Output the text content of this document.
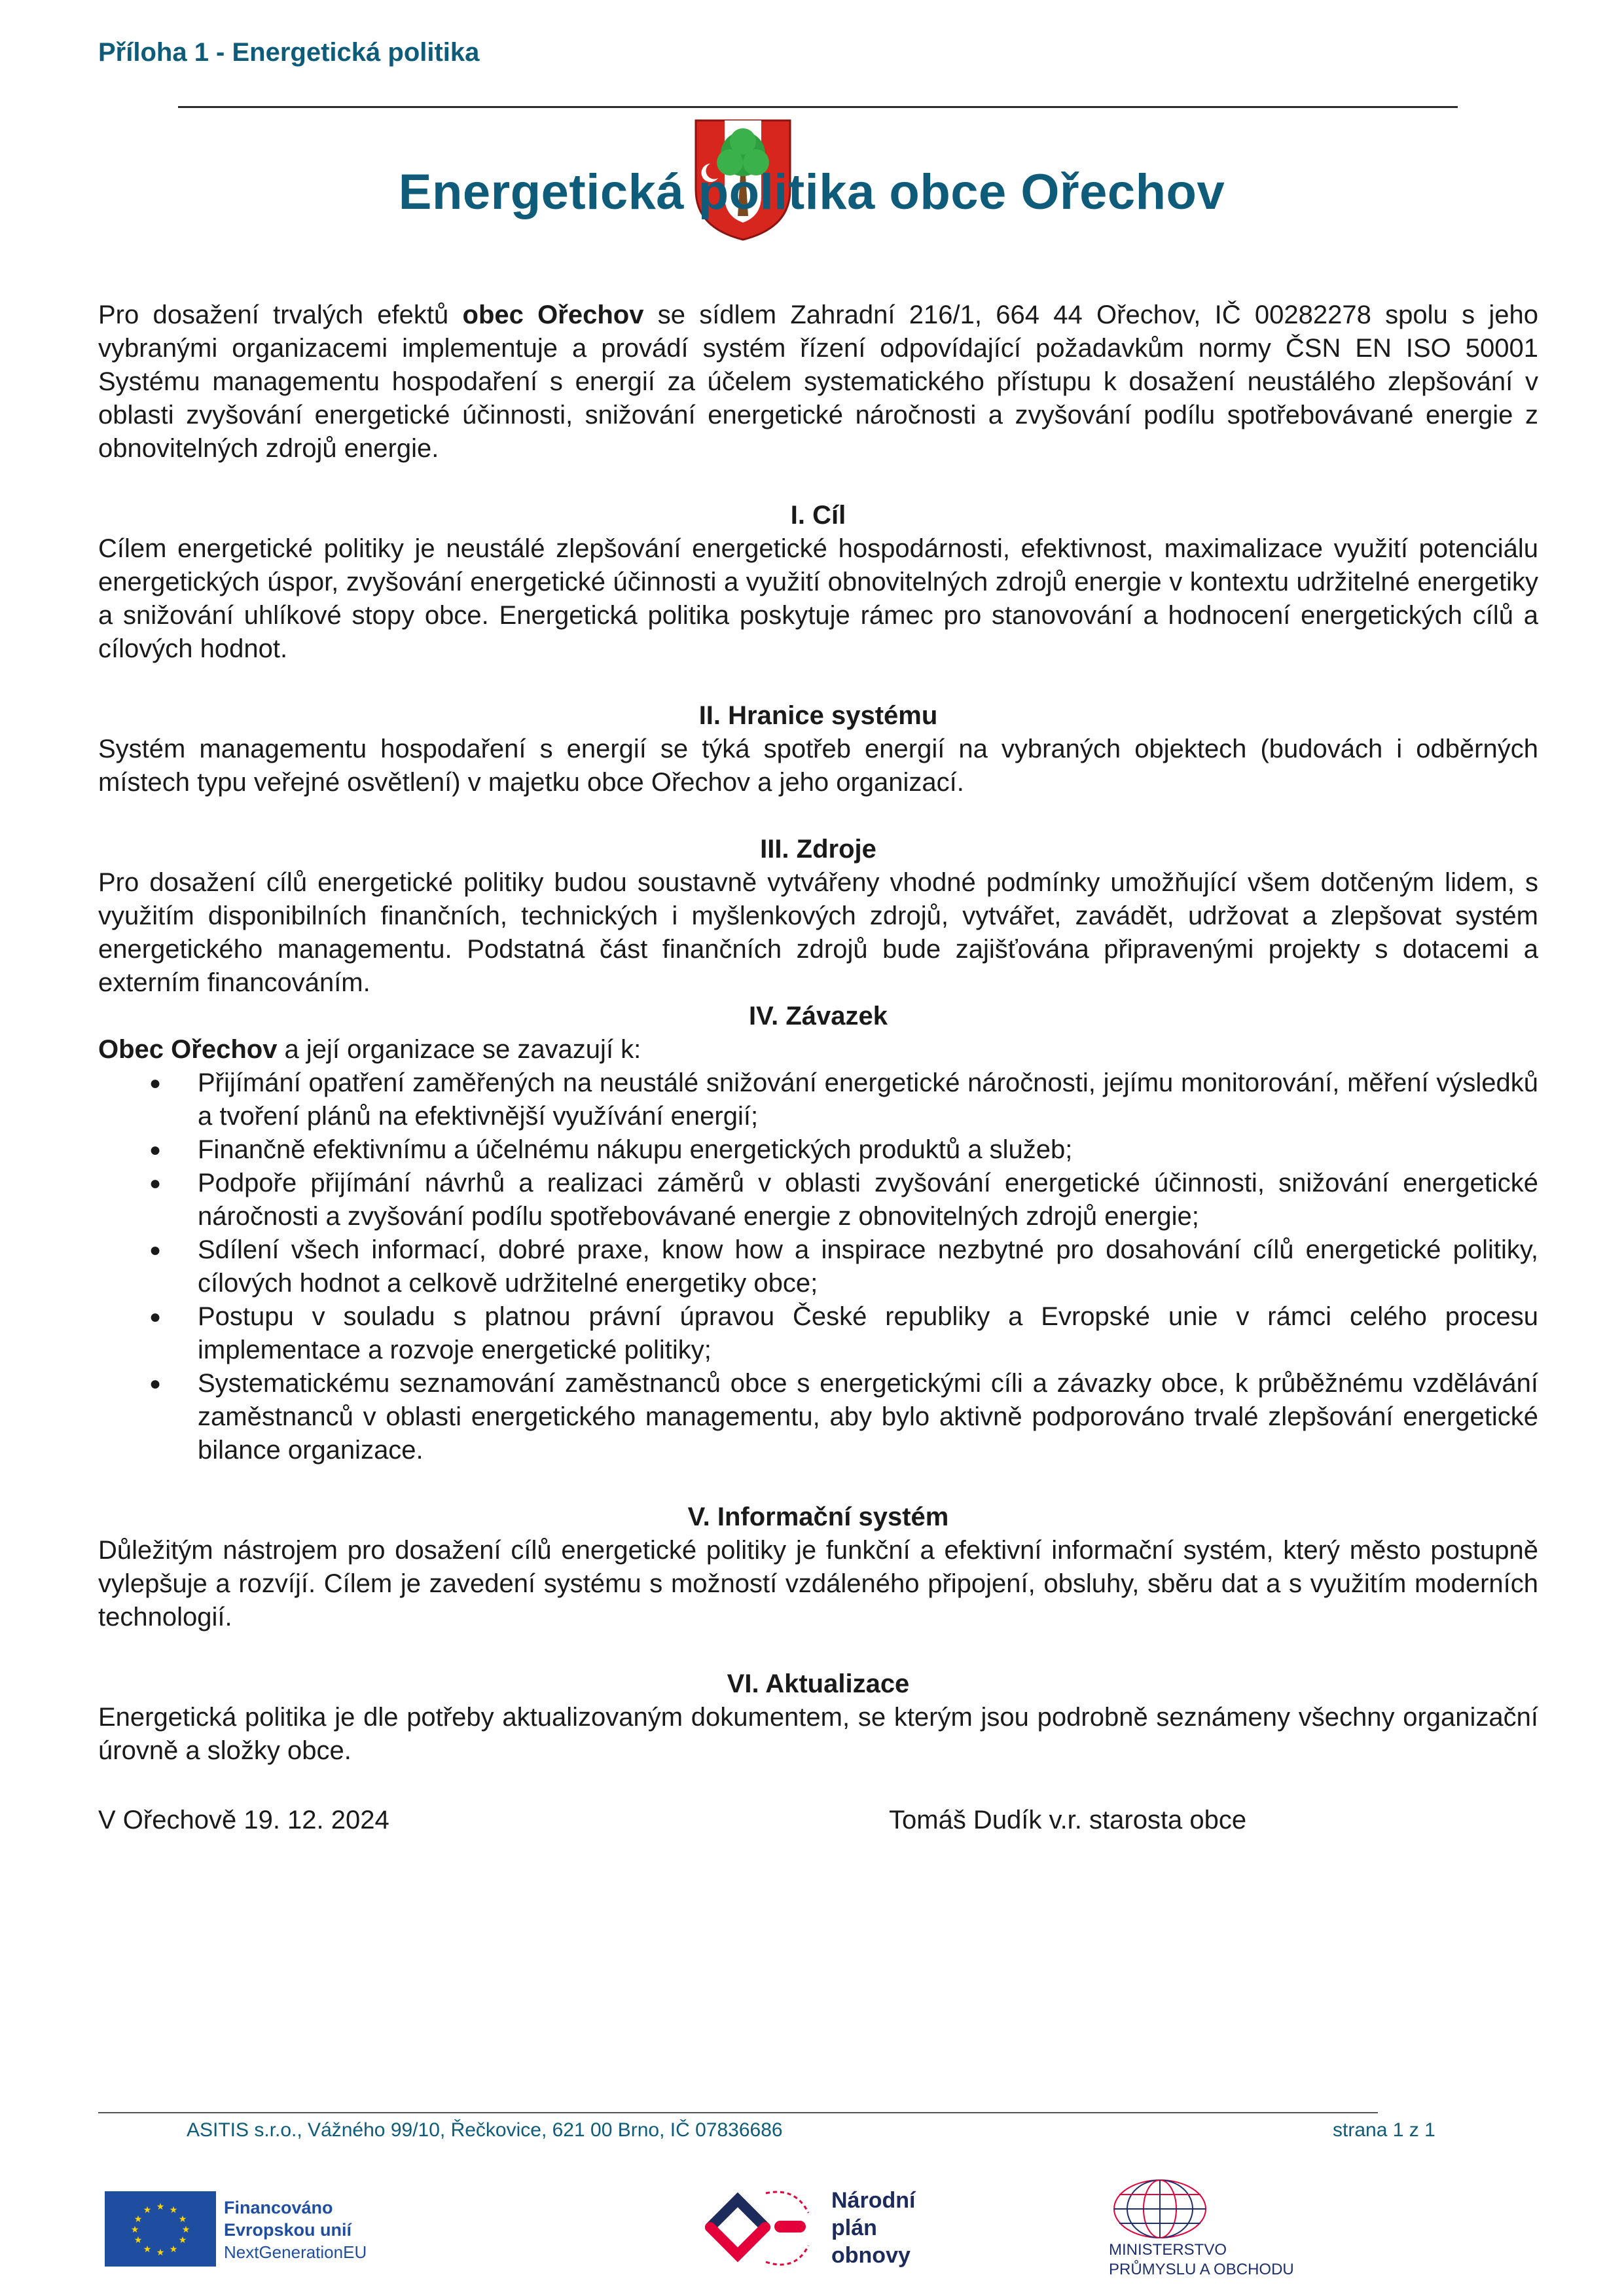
Příloha 1 - Energetická politika
Energetická politika obce Ořechov

Pro dosažení trvalých efektů obec Ořechov se sídlem Zahradní 216/1, 664 44 Ořechov, IČ 00282278 spolu s jeho vybranými organizacemi implementuje a provádí systém řízení odpovídající požadavkům normy ČSN EN ISO 50001 Systému managementu hospodaření s energií za účelem systematického přístupu k dosažení neustálého zlepšování v oblasti zvyšování energetické účinnosti, snižování energetické náročnosti a zvyšování podílu spotřebovávané energie z obnovitelných zdrojů energie.

I. Cíl

Cílem energetické politiky je neustálé zlepšování energetické hospodárnosti, efektivnost, maximalizace využití potenciálu energetických úspor, zvyšování energetické účinnosti a využití obnovitelných zdrojů energie v kontextu udržitelné energetiky a snižování uhlíkové stopy obce. Energetická politika poskytuje rámec pro stanovování a hodnocení energetických cílů a cílových hodnot.

II. Hranice systému

Systém managementu hospodaření s energií se týká spotřeb energií na vybraných objektech (budovách i odběrných místech typu veřejné osvětlení) v majetku obce Ořechov a jeho organizací.

III. Zdroje

Pro dosažení cílů energetické politiky budou soustavně vytvářeny vhodné podmínky umožňující všem dotčeným lidem, s využitím disponibilních finančních, technických i myšlenkových zdrojů, vytvářet, zavádět, udržovat a zlepšovat systém energetického managementu. Podstatná část finančních zdrojů bude zajišťována připravenými projekty s dotacemi a externím financováním.

IV. Závazek

Obec Ořechov a její organizace se zavazují k:

● Přijímání opatření zaměřených na neustálé snižování energetické náročnosti, jejímu monitorování, měření výsledků a tvoření plánů na efektivnější využívání energií;
● Finančně efektivnímu a účelnému nákupu energetických produktů a služeb;
● Podpoře přijímání návrhů a realizaci záměrů v oblasti zvyšování energetické účinnosti, snižování energetické náročnosti a zvyšování podílu spotřebovávané energie z obnovitelných zdrojů energie;
● Sdílení všech informací, dobré praxe, know how a inspirace nezbytné pro dosahování cílů energetické politiky, cílových hodnot a celkově udržitelné energetiky obce;
● Postupu v souladu s platnou právní úpravou České republiky a Evropské unie v rámci celého procesu implementace a rozvoje energetické politiky;
● Systematickému seznamování zaměstnanců obce s energetickými cíli a závazky obce, k průběžnému vzdělávání zaměstnanců v oblasti energetického managementu, aby bylo aktivně podporováno trvalé zlepšování energetické bilance organizace.
V. Informační systém

Důležitým nástrojem pro dosažení cílů energetické politiky je funkční a efektivní informační systém, který město postupně vylepšuje a rozvíjí. Cílem je zavedení systému s možností vzdáleného připojení, obsluhy, sběru dat a s využitím moderních technologií.

VI. Aktualizace

Energetická politika je dle potřeby aktualizovaným dokumentem, se kterým jsou podrobně seznámeny všechny organizační úrovně a složky obce.

V Ořechově 19. 12. 2024	Tomáš Dudík v.r. starosta obce
ASITIS s.r.o., Vážného 99/10, Řečkovice, 621 00 Brno, IČ 07836686	strana 1 z 1
★ ★
★
★
★
★
★
★
★
★
★
★	Financováno
Evropskou unií
NextGenerationEU
Národní
plán
obnovy	MINISTERSTVO
PRŮMYSLU A OBCHODU
